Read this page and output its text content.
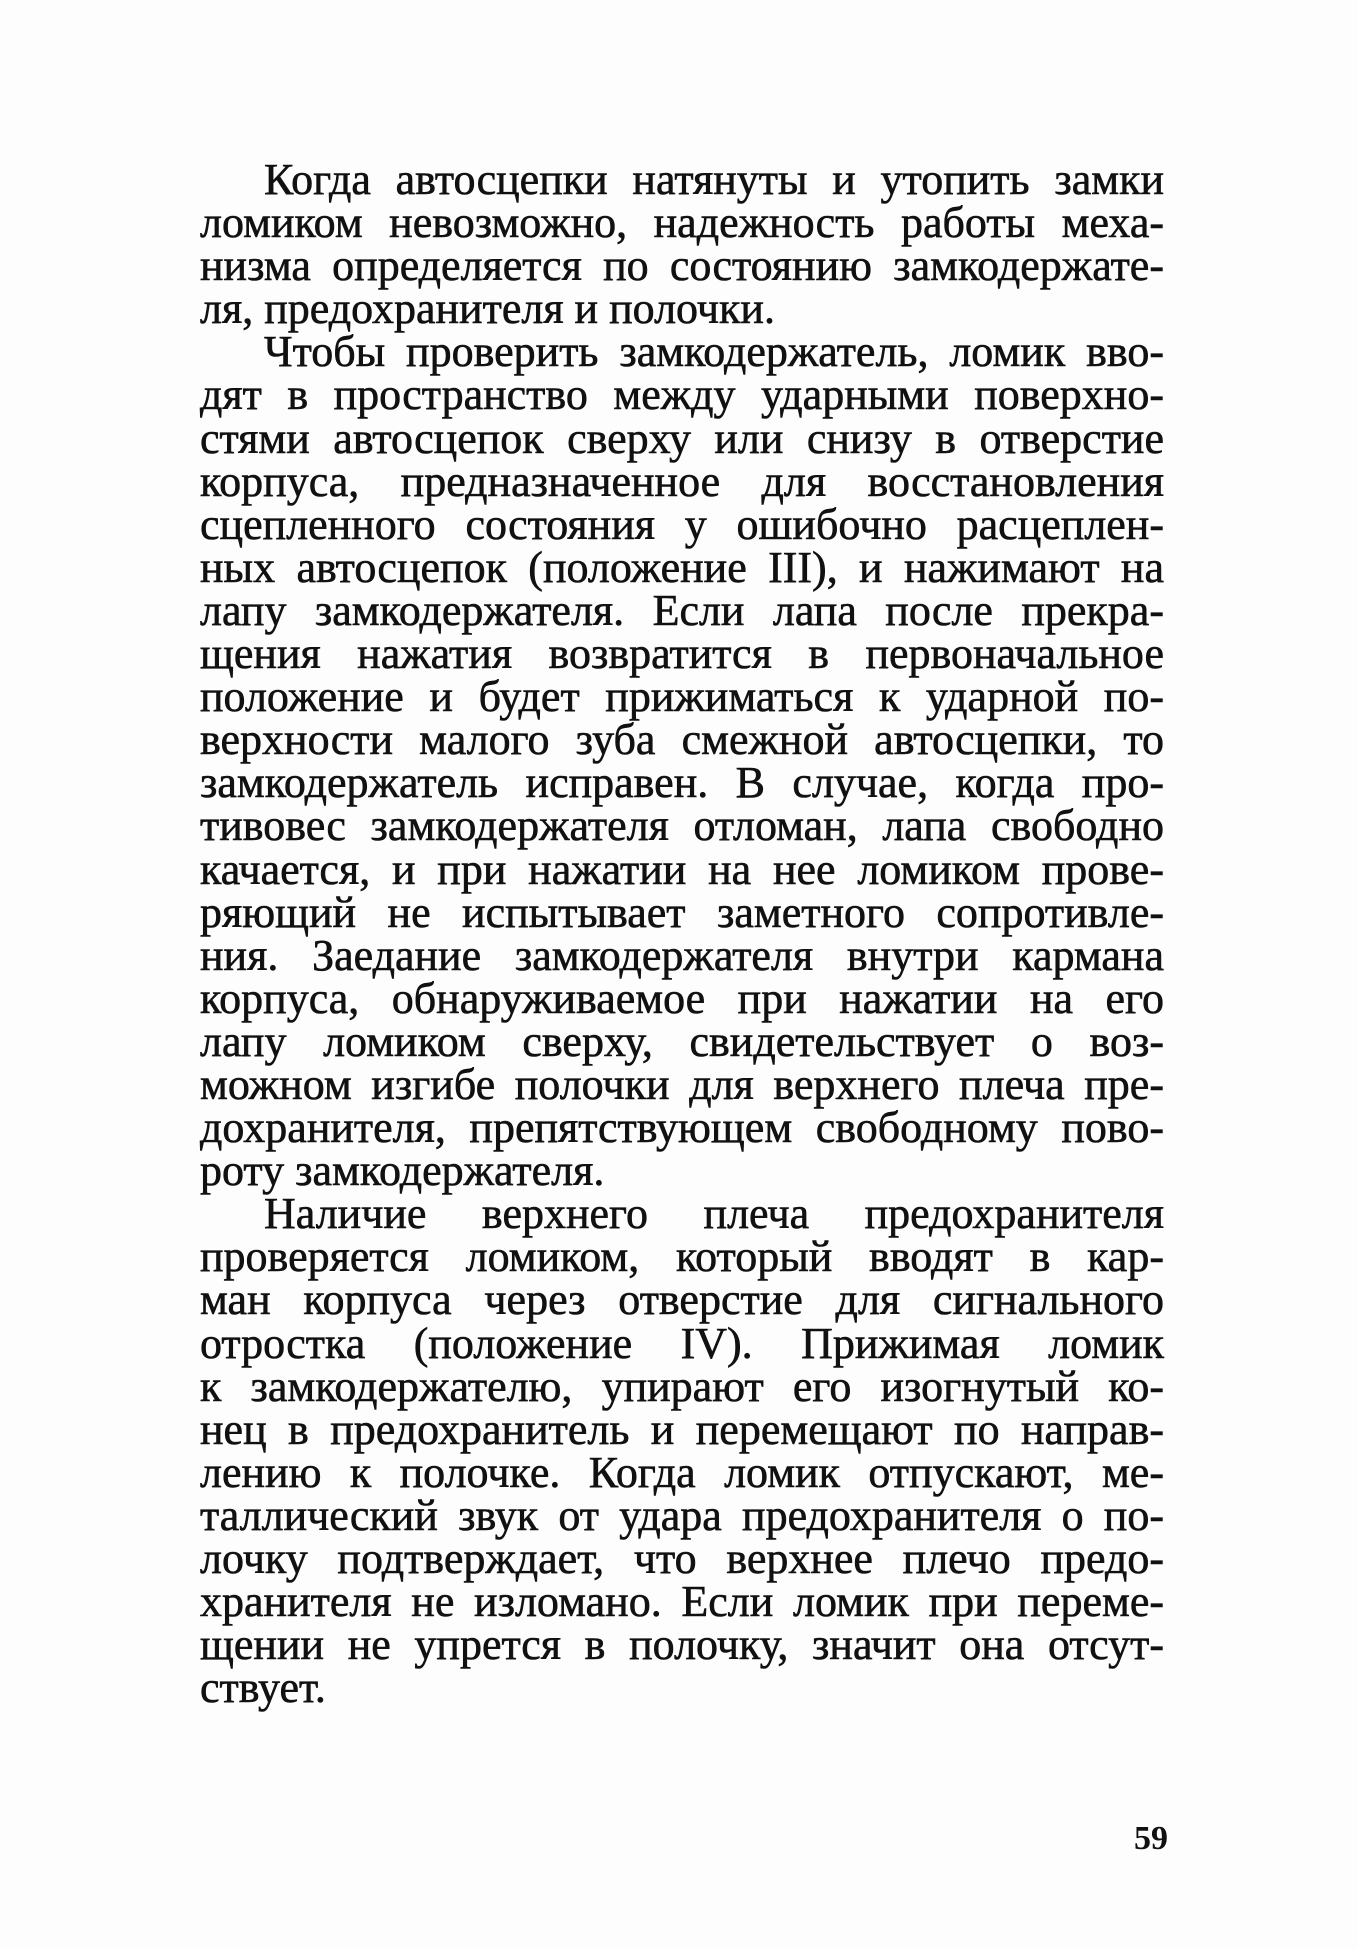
Когда автосцепки натянуты и утопить замки
ломиком невозможно, надежность работы меха-
низма определяется по состоянию замкодержате-
ля, предохранителя и полочки.
Чтобы проверить замкодержатель, ломик вво-
дят в пространство между ударными поверхно-
стями автосцепок сверху или снизу в отверстие
корпуса, предназначенное для восстановления
сцепленного состояния у ошибочно расцеплен-
ных автосцепок (положение III), и нажимают на
лапу замкодержателя. Если лапа после прекра-
щения нажатия возвратится в первоначальное
положение и будет прижиматься к ударной по-
верхности малого зуба смежной автосцепки, то
замкодержатель исправен. В случае, когда про-
тивовес замкодержателя отломан, лапа свободно
качается, и при нажатии на нее ломиком прове-
ряющий не испытывает заметного сопротивле-
ния. Заедание замкодержателя внутри кармана
корпуса, обнаруживаемое при нажатии на его
лапу ломиком сверху, свидетельствует о воз-
можном изгибе полочки для верхнего плеча пре-
дохранителя, препятствующем свободному пово-
роту замкодержателя.
Наличие верхнего плеча предохранителя
проверяется ломиком, который вводят в кар-
ман корпуса через отверстие для сигнального
отростка (положение IV). Прижимая ломик
к замкодержателю, упирают его изогнутый ко-
нец в предохранитель и перемещают по направ-
лению к полочке. Когда ломик отпускают, ме-
таллический звук от удара предохранителя о по-
лочку подтверждает, что верхнее плечо предо-
хранителя не изломано. Если ломик при переме-
щении не упрется в полочку, значит она отсут-
ствует.
59
